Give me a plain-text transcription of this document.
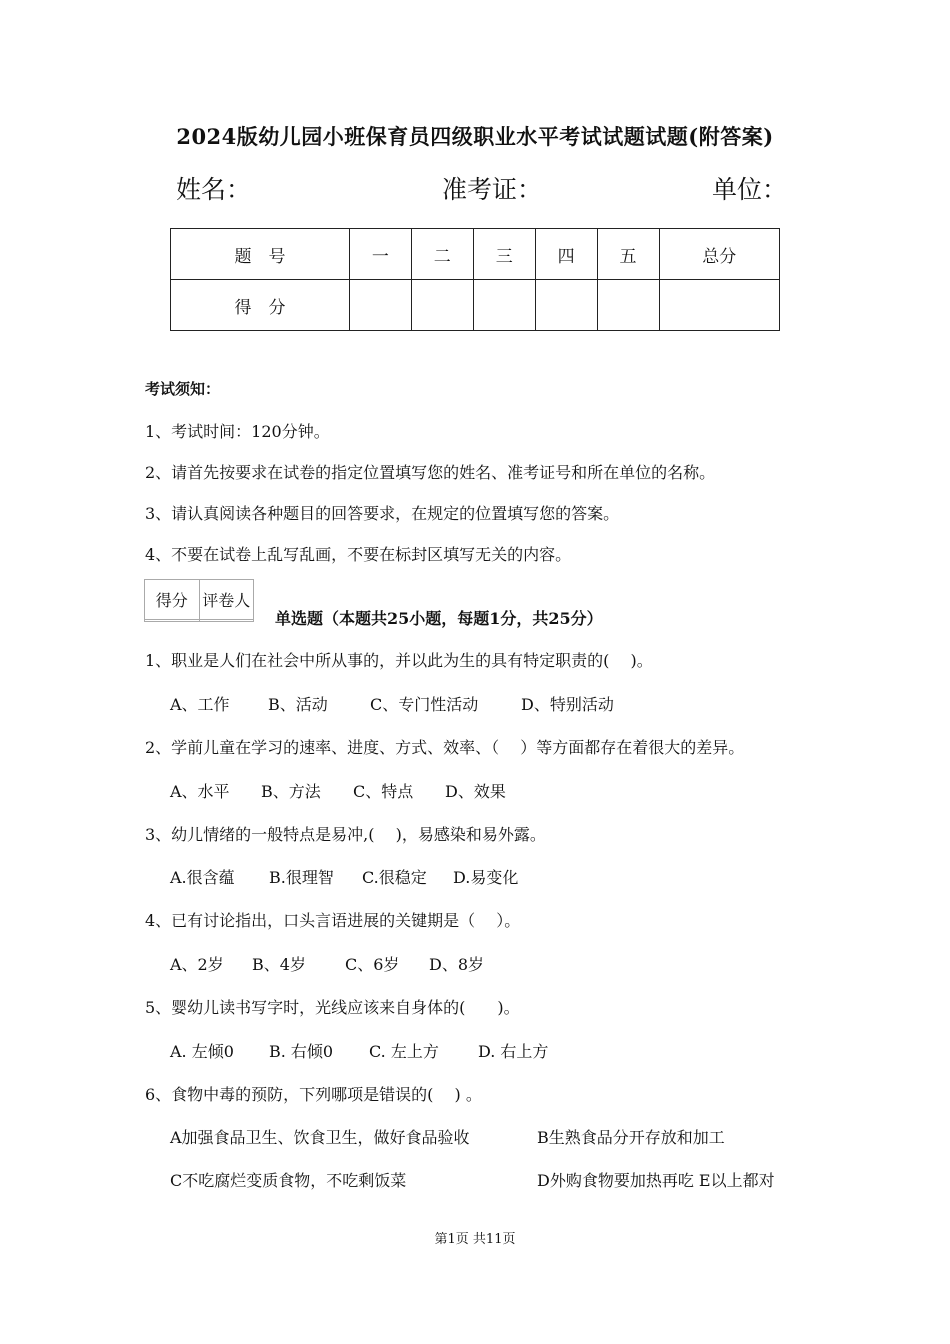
2024版幼儿园小班保育员四级职业水平考试试题试题(附答案)
姓名：	准考证：	单位：
题　号	一	二	三	四	五	总分
得　分						
考试须知：
1、考试时间：120分钟。
2、请首先按要求在试卷的指定位置填写您的姓名、准考证号和所在单位的名称。
3、请认真阅读各种题目的回答要求，在规定的位置填写您的答案。
4、不要在试卷上乱写乱画，不要在标封区填写无关的内容。
得分	评卷人

单选题（本题共25小题，每题1分，共25分）
1、职业是人们在社会中所从事的，并以此为生的具有特定职责的(　 )。
A、工作 B、活动	C、专门性活动	D、特别活动
2、学前儿童在学习的速率、进度、方式、效率、（　 ）等方面都存在着很大的差异。
A、水平 B、方法 C、特点 D、效果
3、幼儿情绪的一般特点是易冲,(　 )，易感染和易外露。
A.很含蕴 B.很理智 C.很稳定 D.易变化
4、已有讨论指出，口头言语进展的关键期是（　 ）。
A、2岁 B、4岁 C、6岁 D、8岁
5、婴幼儿读书写字时，光线应该来自身体的(　　)。
A. 左倾0 B. 右倾0 C. 左上方 D. 右上方
6、食物中毒的预防，下列哪项是错误的(　 ) 。
A加强食品卫生、饮食卫生，做好食品验收	B生熟食品分开存放和加工
C不吃腐烂变质食物，不吃剩饭菜	D外购食物要加热再吃 E以上都对
第1页 共11页
